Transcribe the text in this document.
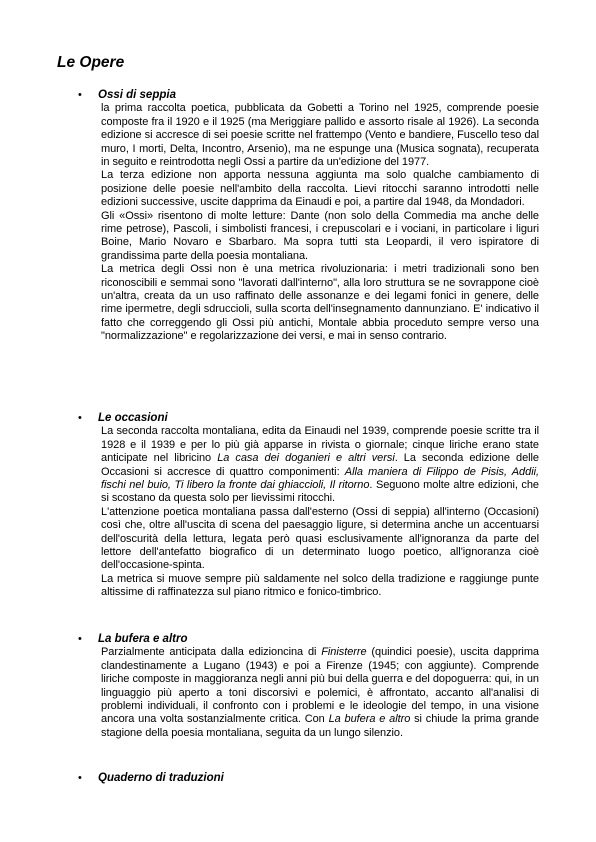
Le Opere
• Ossi di seppia

la prima raccolta poetica, pubblicata da Gobetti a Torino nel 1925, comprende poesie composte fra il 1920 e il 1925 (ma Meriggiare pallido e assorto risale al 1926). La seconda edizione si accresce di sei poesie scritte nel frattempo (Vento e bandiere, Fuscello teso dal muro, I morti, Delta, Incontro, Arsenio), ma ne espunge una (Musica sognata), recuperata in seguito e reintrodotta negli Ossi a partire da un'edizione del 1977.

La terza edizione non apporta nessuna aggiunta ma solo qualche cambiamento di posizione delle poesie nell'ambito della raccolta. Lievi ritocchi saranno introdotti nelle edizioni successive, uscite dapprima da Einaudi e poi, a partire dal 1948, da Mondadori.

Gli «Ossi» risentono di molte letture: Dante (non solo della Commedia ma anche delle rime petrose), Pascoli, i simbolisti francesi, i crepuscolari e i vociani, in particolare i liguri Boine, Mario Novaro e Sbarbaro. Ma sopra tutti sta Leopardi, il vero ispiratore di grandissima parte della poesia montaliana.

La metrica degli Ossi non è una metrica rivoluzionaria: i metri tradizionali sono ben riconoscibili e semmai sono "lavorati dall'interno", alla loro struttura se ne sovrappone cioè un'altra, creata da un uso raffinato delle assonanze e dei legami fonici in genere, delle rime ipermetre, degli sdruccioli, sulla scorta dell'insegnamento dannunziano. E' indicativo il fatto che correggendo gli Ossi più antichi, Montale abbia proceduto sempre verso una "normalizzazione" e regolarizzazione dei versi, e mai in senso contrario.

• Le occasioni

La seconda raccolta montaliana, edita da Einaudi nel 1939, comprende poesie scritte tra il 1928 e il 1939 e per lo più già apparse in rivista o giornale; cinque liriche erano state anticipate nel libricino La casa dei doganieri e altri versi. La seconda edizione delle Occasioni si accresce di quattro componimenti: Alla maniera di Filippo de Pisis, Addii, fischi nel buio, Ti libero la fronte dai ghiaccioli, Il ritorno. Seguono molte altre edizioni, che si scostano da questa solo per lievissimi ritocchi.

L'attenzione poetica montaliana passa dall'esterno (Ossi di seppia) all'interno (Occasioni) così che, oltre all'uscita di scena del paesaggio ligure, si determina anche un accentuarsi dell'oscurità della lettura, legata però quasi esclusivamente all'ignoranza da parte del lettore dell'antefatto biografico di un determinato luogo poetico, all'ignoranza cioè dell'occasione-spinta.

La metrica si muove sempre più saldamente nel solco della tradizione e raggiunge punte altissime di raffinatezza sul piano ritmico e fonico-timbrico.

• La bufera e altro

Parzialmente anticipata dalla edizioncina di Finisterre (quindici poesie), uscita dapprima clandestinamente a Lugano (1943) e poi a Firenze (1945; con aggiunte). Comprende liriche composte in maggioranza negli anni più bui della guerra e del dopoguerra: qui, in un linguaggio più aperto a toni discorsivi e polemici, è affrontato, accanto all'analisi di problemi individuali, il confronto con i problemi e le ideologie del tempo, in una visione ancora una volta sostanzialmente critica. Con La bufera e altro si chiude la prima grande stagione della poesia montaliana, seguita da un lungo silenzio.

• Quaderno di traduzioni
